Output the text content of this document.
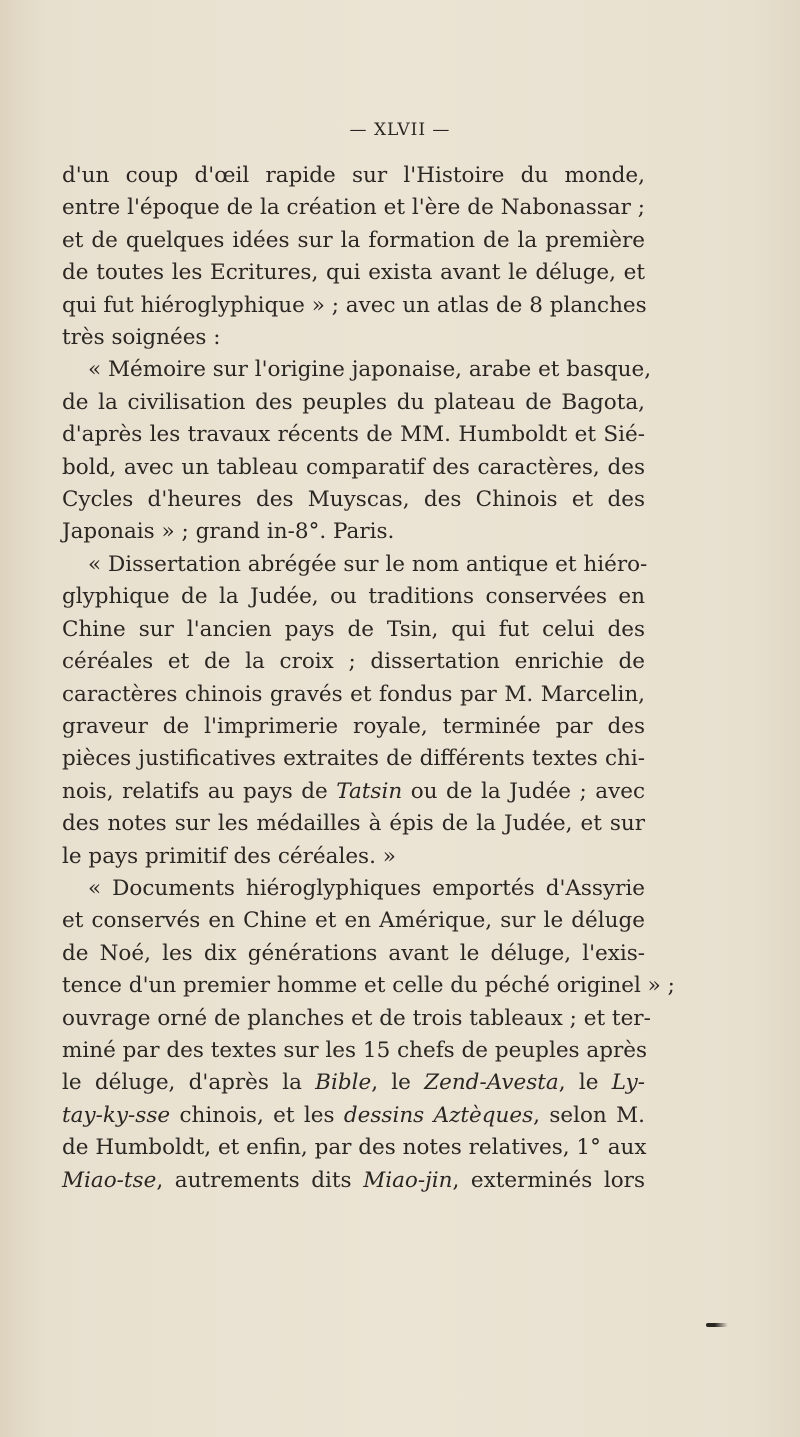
— XLVII —
d'un coup d'œil rapide sur l'Histoire du monde,
entre l'époque de la création et l'ère de Nabonassar ;
et de quelques idées sur la formation de la première
de toutes les Ecritures, qui exista avant le déluge, et
qui fut hiéroglyphique » ; avec un atlas de 8 planches
très soignées :
« Mémoire sur l'origine japonaise, arabe et basque,
de la civilisation des peuples du plateau de Bagota,
d'après les travaux récents de MM. Humboldt et Sié-
bold, avec un tableau comparatif des caractères, des
Cycles d'heures des Muyscas, des Chinois et des
Japonais » ; grand in-8°. Paris.
« Dissertation abrégée sur le nom antique et hiéro-
glyphique de la Judée, ou traditions conservées en
Chine sur l'ancien pays de Tsin, qui fut celui des
céréales et de la croix ; dissertation enrichie de
caractères chinois gravés et fondus par M. Marcelin,
graveur de l'imprimerie royale, terminée par des
pièces justificatives extraites de différents textes chi-
nois, relatifs au pays de Tatsin ou de la Judée ; avec
des notes sur les médailles à épis de la Judée, et sur
le pays primitif des céréales. »
« Documents hiéroglyphiques emportés d'Assyrie
et conservés en Chine et en Amérique, sur le déluge
de Noé, les dix générations avant le déluge, l'exis-
tence d'un premier homme et celle du péché originel » ;
ouvrage orné de planches et de trois tableaux ; et ter-
miné par des textes sur les 15 chefs de peuples après
le déluge, d'après la Bible, le Zend-Avesta, le Ly-
tay-ky-sse chinois, et les dessins Aztèques, selon M.
de Humboldt, et enfin, par des notes relatives, 1° aux
Miao-tse, autrements dits Miao-jin, exterminés lors
